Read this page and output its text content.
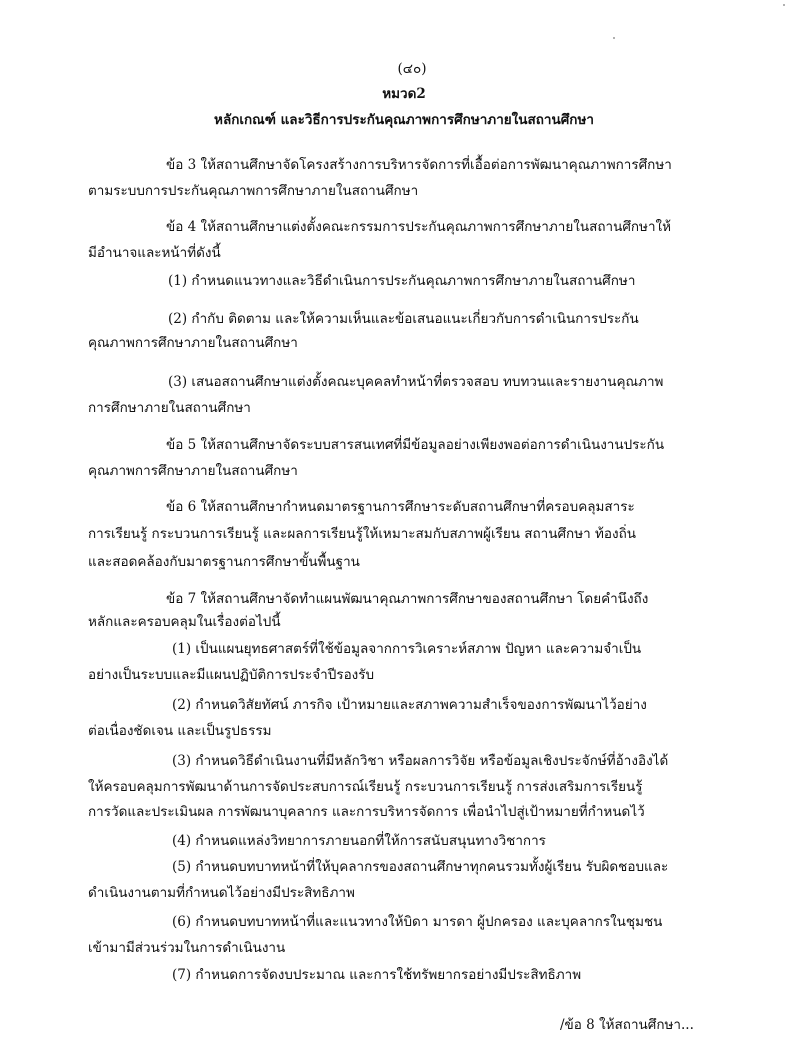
(๔๐)
หมวด2
หลักเกณฑ์ และวิธีการประกันคุณภาพการศึกษาภายในสถานศึกษา
ข้อ 3 ให้สถานศึกษาจัดโครงสร้างการบริหารจัดการที่เอื้อต่อการพัฒนาคุณภาพการศึกษา
ตามระบบการประกันคุณภาพการศึกษาภายในสถานศึกษา
ข้อ 4 ให้สถานศึกษาแต่งตั้งคณะกรรมการประกันคุณภาพการศึกษาภายในสถานศึกษาให้
มีอำนาจและหน้าที่ดังนี้
(1) กำหนดแนวทางและวิธีดำเนินการประกันคุณภาพการศึกษาภายในสถานศึกษา
(2) กำกับ ติดตาม และให้ความเห็นและข้อเสนอแนะเกี่ยวกับการดำเนินการประกัน
คุณภาพการศึกษาภายในสถานศึกษา
(3) เสนอสถานศึกษาแต่งตั้งคณะบุคคลทำหน้าที่ตรวจสอบ ทบทวนและรายงานคุณภาพ
การศึกษาภายในสถานศึกษา
ข้อ 5 ให้สถานศึกษาจัดระบบสารสนเทศที่มีข้อมูลอย่างเพียงพอต่อการดำเนินงานประกัน
คุณภาพการศึกษาภายในสถานศึกษา
ข้อ 6 ให้สถานศึกษากำหนดมาตรฐานการศึกษาระดับสถานศึกษาที่ครอบคลุมสาระ
การเรียนรู้ กระบวนการเรียนรู้ และผลการเรียนรู้ให้เหมาะสมกับสภาพผู้เรียน สถานศึกษา ท้องถิ่น
และสอดคล้องกับมาตรฐานการศึกษาขั้นพื้นฐาน
ข้อ 7 ให้สถานศึกษาจัดทำแผนพัฒนาคุณภาพการศึกษาของสถานศึกษา โดยคำนึงถึง
หลักและครอบคลุมในเรื่องต่อไปนี้
(1) เป็นแผนยุทธศาสตร์ที่ใช้ข้อมูลจากการวิเคราะห์สภาพ ปัญหา และความจำเป็น
อย่างเป็นระบบและมีแผนปฏิบัติการประจำปีรองรับ
(2) กำหนดวิสัยทัศน์ ภารกิจ เป้าหมายและสภาพความสำเร็จของการพัฒนาไว้อย่าง
ต่อเนื่องชัดเจน และเป็นรูปธรรม
(3) กำหนดวิธีดำเนินงานที่มีหลักวิชา หรือผลการวิจัย หรือข้อมูลเชิงประจักษ์ที่อ้างอิงได้
ให้ครอบคลุมการพัฒนาด้านการจัดประสบการณ์เรียนรู้ กระบวนการเรียนรู้ การส่งเสริมการเรียนรู้
การวัดและประเมินผล การพัฒนาบุคลากร และการบริหารจัดการ เพื่อนำไปสู่เป้าหมายที่กำหนดไว้
(4) กำหนดแหล่งวิทยาการภายนอกที่ให้การสนับสนุนทางวิชาการ
(5) กำหนดบทบาทหน้าที่ให้บุคลากรของสถานศึกษาทุกคนรวมทั้งผู้เรียน รับผิดชอบและ
ดำเนินงานตามที่กำหนดไว้อย่างมีประสิทธิภาพ
(6) กำหนดบทบาทหน้าที่และแนวทางให้บิดา มารดา ผู้ปกครอง และบุคลากรในชุมชน
เข้ามามีส่วนร่วมในการดำเนินงาน
(7) กำหนดการจัดงบประมาณ และการใช้ทรัพยากรอย่างมีประสิทธิภาพ
/ข้อ 8 ให้สถานศึกษา...
